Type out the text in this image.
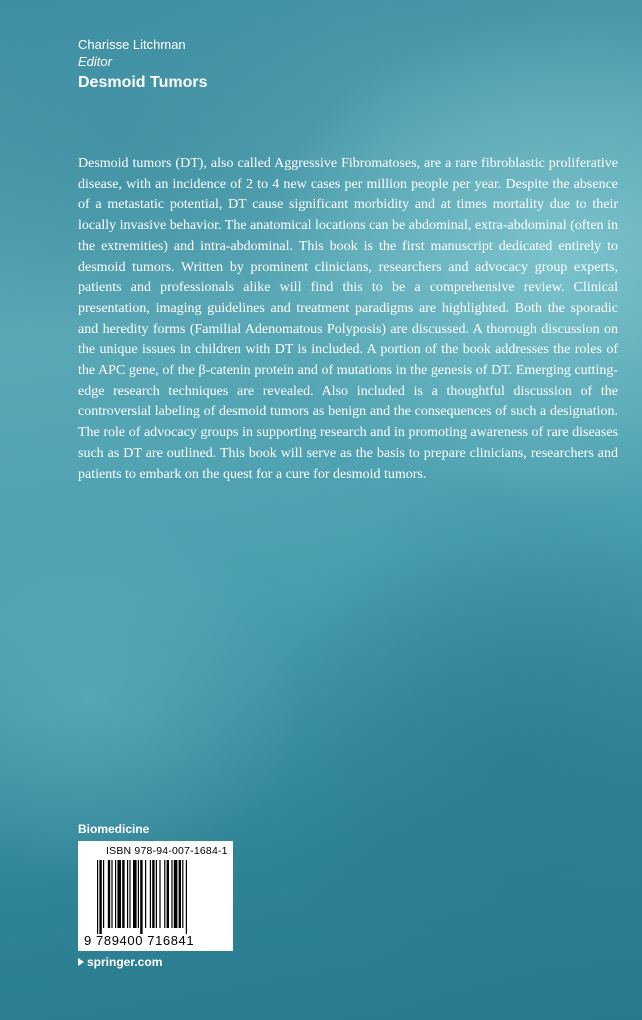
Charisse Litchman
Editor
Desmoid Tumors
Desmoid tumors (DT), also called Aggressive Fibromatoses, are a rare fibroblastic proliferative disease, with an incidence of 2 to 4 new cases per million people per year. Despite the absence of a metastatic potential, DT cause significant morbidity and at times mortality due to their locally invasive behavior. The anatomical locations can be abdominal, extra-abdominal (often in the extremities) and intra-abdominal. This book is the first manuscript dedicated entirely to desmoid tumors. Written by prominent clinicians, researchers and advocacy group experts, patients and professionals alike will find this to be a comprehensive review. Clinical presentation, imaging guidelines and treatment paradigms are highlighted. Both the sporadic and heredity forms (Familial Adenomatous Polyposis) are discussed. A thorough discussion on the unique issues in children with DT is included. A portion of the book addresses the roles of the APC gene, of the β-catenin protein and of mutations in the genesis of DT. Emerging cutting-edge research techniques are revealed. Also included is a thoughtful discussion of the controversial labeling of desmoid tumors as benign and the consequences of such a designation. The role of advocacy groups in supporting research and in promoting awareness of rare diseases such as DT are outlined. This book will serve as the basis to prepare clinicians, researchers and patients to embark on the quest for a cure for desmoid tumors.
Biomedicine
ISBN 978-94-007-1684-1
9 789400 716841
springer.com
